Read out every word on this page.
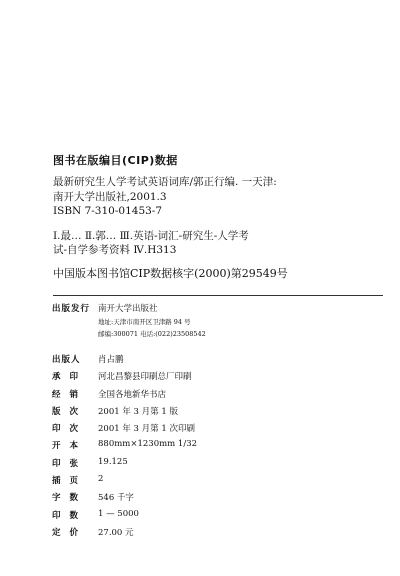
图书在版编目(CIP)数据

最新研究生人学考试英语词库/郭正行编. 一天津:

南开大学出版社,2001.3

ISBN 7-310-01453-7

Ⅰ.最… Ⅱ.郭… Ⅲ.英语-词汇-研究生-人学考

试-自学参考资料 Ⅳ.H313

中国版本图书馆CIP数据核字(2000)第29549号

出版发行 南开大学出版社
地址:天津市南开区卫津路 94 号
邮编:300071 电话:(022)23508542
出版人	肖占鹏
承印	河北昌黎县印刷总厂印刷
经销	全国各地新华书店
版次	2001 年 3 月第 1 版
印次	2001 年 3 月第 1 次印刷
开本	880mm×1230mm 1/32
印张	19.125
插页	2
字数	546 千字
印数	1 — 5000
定价	27.00 元
